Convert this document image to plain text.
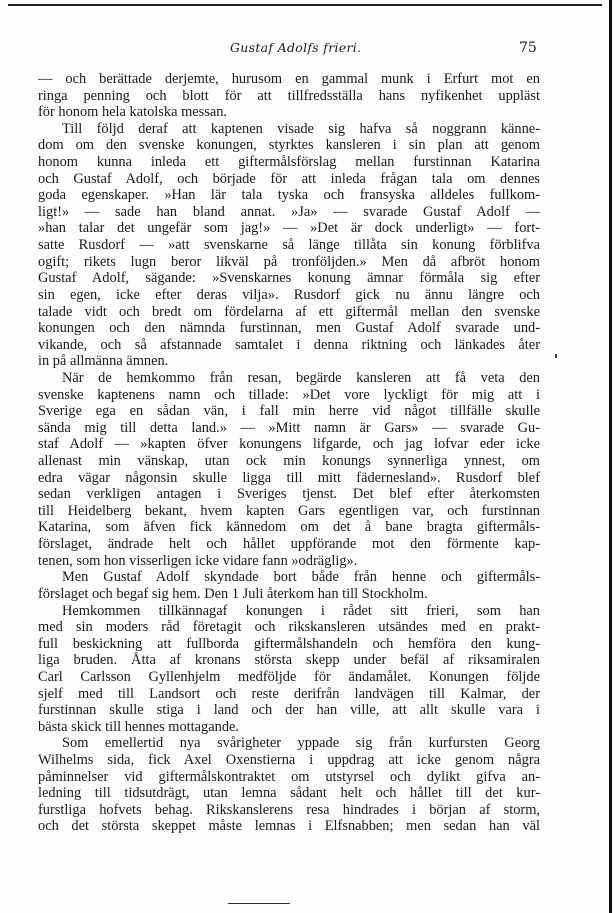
Gustaf Adolfs frieri.	75
— och berättade derjemte, hurusom en gammal munk i Erfurt mot en
ringa penning och blott för att tillfredsställa hans nyfikenhet uppläst
för honom hela katolska messan.
Till följd deraf att kaptenen visade sig hafva så noggrann känne-
dom om den svenske konungen, styrktes kansleren i sin plan att genom
honom kunna inleda ett giftermålsförslag mellan furstinnan Katarina
och Gustaf Adolf, och började för att inleda frågan tala om dennes
goda egenskaper. »Han lär tala tyska och fransyska alldeles fullkom-
ligt!» — sade han bland annat. »Ja» — svarade Gustaf Adolf —
»han talar det ungefär som jag!» — »Det är dock underligt» — fort-
satte Rusdorf — »att svenskarne så länge tillåta sin konung förblifva
ogift; rikets lugn beror likväl på tronföljden.» Men då afbröt honom
Gustaf Adolf, sägande: »Svenskarnes konung ämnar förmåla sig efter
sin egen, icke efter deras vilja». Rusdorf gick nu ännu längre och
talade vidt och bredt om fördelarna af ett giftermål mellan den svenske
konungen och den nämnda furstinnan, men Gustaf Adolf svarade und-
vikande, och så afstannade samtalet i denna riktning och länkades åter
in på allmänna ämnen.
När de hemkommo från resan, begärde kansleren att få veta den
svenske kaptenens namn och tillade: »Det vore lyckligt för mig att i
Sverige ega en sådan vän, i fall min herre vid något tillfälle skulle
sända mig till detta land.» — »Mitt namn är Gars» — svarade Gu-
staf Adolf — »kapten öfver konungens lifgarde, och jag lofvar eder icke
allenast min vänskap, utan ock min konungs synnerliga ynnest, om
edra vägar någonsin skulle ligga till mitt fädernesland». Rusdorf blef
sedan verkligen antagen i Sveriges tjenst. Det blef efter återkomsten
till Heidelberg bekant, hvem kapten Gars egentligen var, och furstinnan
Katarina, som äfven fick kännedom om det å bane bragta giftermåls-
förslaget, ändrade helt och hållet uppförande mot den förmente kap-
tenen, som hon visserligen icke vidare fann »odräglig».
Men Gustaf Adolf skyndade bort både från henne och giftermåls-
förslaget och begaf sig hem. Den 1 Juli återkom han till Stockholm.
Hemkommen tillkännagaf konungen i rådet sitt frieri, som han
med sin moders råd företagit och rikskansleren utsändes med en prakt-
full beskickning att fullborda giftermålshandeln och hemföra den kung-
liga bruden. Åtta af kronans största skepp under befäl af riksamiralen
Carl Carlsson Gyllenhjelm medföljde för ändamålet. Konungen följde
sjelf med till Landsort och reste derifrån landvägen till Kalmar, der
furstinnan skulle stiga i land och der han ville, att allt skulle vara i
bästa skick till hennes mottagande.
Som emellertid nya svårigheter yppade sig från kurfursten Georg
Wilhelms sida, fick Axel Oxenstierna i uppdrag att icke genom några
påminnelser vid giftermålskontraktet om utstyrsel och dylikt gifva an-
ledning till tidsutdrägt, utan lemna sådant helt och hållet till det kur-
furstliga hofvets behag. Rikskanslerens resa hindrades i början af storm,
och det största skeppet måste lemnas i Elfsnabben; men sedan han väl
